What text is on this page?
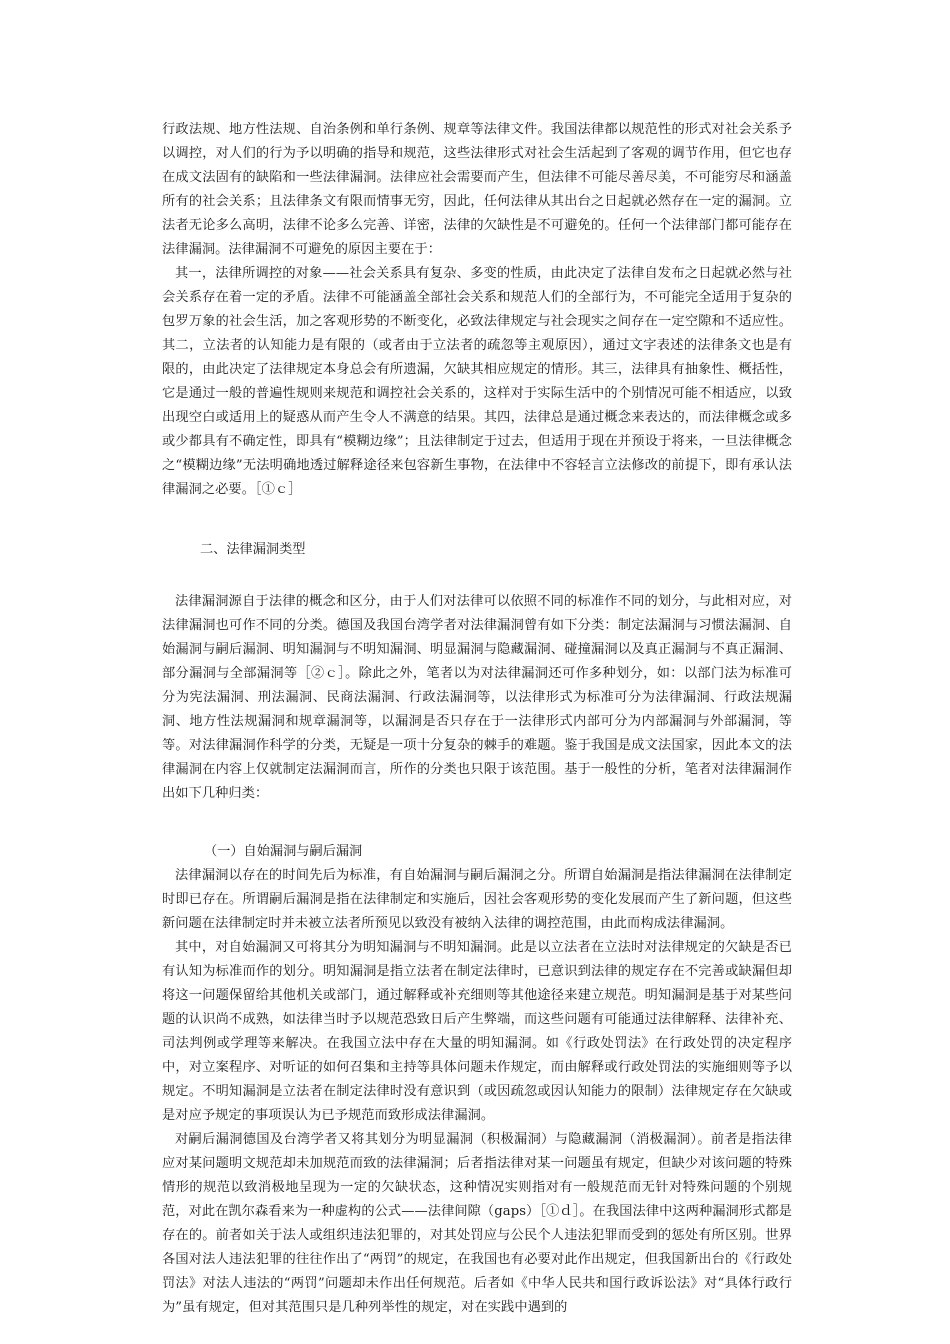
行政法规、地方性法规、自治条例和单行条例、规章等法律文件。我国法律都以规范性的形式对社会关系予以调控，对人们的行为予以明确的指导和规范，这些法律形式对社会生活起到了客观的调节作用，但它也存在成文法固有的缺陷和一些法律漏洞。法律应社会需要而产生，但法律不可能尽善尽美，不可能穷尽和涵盖所有的社会关系；且法律条文有限而情事无穷，因此，任何法律从其出台之日起就必然存在一定的漏洞。立法者无论多么高明，法律不论多么完善、详密，法律的欠缺性是不可避免的。任何一个法律部门都可能存在法律漏洞。法律漏洞不可避免的原因主要在于：

其一，法律所调控的对象——社会关系具有复杂、多变的性质，由此决定了法律自发布之日起就必然与社会关系存在着一定的矛盾。法律不可能涵盖全部社会关系和规范人们的全部行为，不可能完全适用于复杂的包罗万象的社会生活，加之客观形势的不断变化，必致法律规定与社会现实之间存在一定空隙和不适应性。其二，立法者的认知能力是有限的（或者由于立法者的疏忽等主观原因），通过文字表述的法律条文也是有限的，由此决定了法律规定本身总会有所遗漏，欠缺其相应规定的情形。其三，法律具有抽象性、概括性，它是通过一般的普遍性规则来规范和调控社会关系的，这样对于实际生活中的个别情况可能不相适应，以致出现空白或适用上的疑惑从而产生令人不满意的结果。其四，法律总是通过概念来表达的，而法律概念或多或少都具有不确定性，即具有“模糊边缘”；且法律制定于过去，但适用于现在并预设于将来，一旦法律概念之“模糊边缘”无法明确地透过解释途径来包容新生事物，在法律中不容轻言立法修改的前提下，即有承认法律漏洞之必要。［①ｃ］

二、法律漏洞类型

法律漏洞源自于法律的概念和区分，由于人们对法律可以依照不同的标准作不同的划分，与此相对应，对法律漏洞也可作不同的分类。德国及我国台湾学者对法律漏洞曾有如下分类：制定法漏洞与习惯法漏洞、自始漏洞与嗣后漏洞、明知漏洞与不明知漏洞、明显漏洞与隐藏漏洞、碰撞漏洞以及真正漏洞与不真正漏洞、部分漏洞与全部漏洞等［②ｃ］。除此之外，笔者以为对法律漏洞还可作多种划分，如：以部门法为标准可分为宪法漏洞、刑法漏洞、民商法漏洞、行政法漏洞等，以法律形式为标准可分为法律漏洞、行政法规漏洞、地方性法规漏洞和规章漏洞等，以漏洞是否只存在于一法律形式内部可分为内部漏洞与外部漏洞，等等。对法律漏洞作科学的分类，无疑是一项十分复杂的棘手的难题。鉴于我国是成文法国家，因此本文的法律漏洞在内容上仅就制定法漏洞而言，所作的分类也只限于该范围。基于一般性的分析，笔者对法律漏洞作出如下几种归类：

（一）自始漏洞与嗣后漏洞

法律漏洞以存在的时间先后为标准，有自始漏洞与嗣后漏洞之分。所谓自始漏洞是指法律漏洞在法律制定时即已存在。所谓嗣后漏洞是指在法律制定和实施后，因社会客观形势的变化发展而产生了新问题，但这些新问题在法律制定时并未被立法者所预见以致没有被纳入法律的调控范围，由此而构成法律漏洞。

其中，对自始漏洞又可将其分为明知漏洞与不明知漏洞。此是以立法者在立法时对法律规定的欠缺是否已有认知为标准而作的划分。明知漏洞是指立法者在制定法律时，已意识到法律的规定存在不完善或缺漏但却将这一问题保留给其他机关或部门，通过解释或补充细则等其他途径来建立规范。明知漏洞是基于对某些问题的认识尚不成熟，如法律当时予以规范恐致日后产生弊端，而这些问题有可能通过法律解释、法律补充、司法判例或学理等来解决。在我国立法中存在大量的明知漏洞。如《行政处罚法》在行政处罚的决定程序中，对立案程序、对听证的如何召集和主持等具体问题未作规定，而由解释或行政处罚法的实施细则等予以规定。不明知漏洞是立法者在制定法律时没有意识到（或因疏忽或因认知能力的限制）法律规定存在欠缺或是对应予规定的事项误认为已予规范而致形成法律漏洞。

对嗣后漏洞德国及台湾学者又将其划分为明显漏洞（积极漏洞）与隐藏漏洞（消极漏洞）。前者是指法律应对某问题明文规范却未加规范而致的法律漏洞；后者指法律对某一问题虽有规定，但缺少对该问题的特殊情形的规范以致消极地呈现为一定的欠缺状态，这种情况实则指对有一般规范而无针对特殊问题的个别规范，对此在凯尔森看来为一种虚构的公式——法律间隙（gaps）［①ｄ］。在我国法律中这两种漏洞形式都是存在的。前者如关于法人或组织违法犯罪的，对其处罚应与公民个人违法犯罪而受到的惩处有所区别。世界各国对法人违法犯罪的往往作出了“两罚”的规定，在我国也有必要对此作出规定，但我国新出台的《行政处罚法》对法人违法的“两罚”问题却未作出任何规范。后者如《中华人民共和国行政诉讼法》对“具体行政行为”虽有规定，但对其范围只是几种列举性的规定，对在实践中遇到的
